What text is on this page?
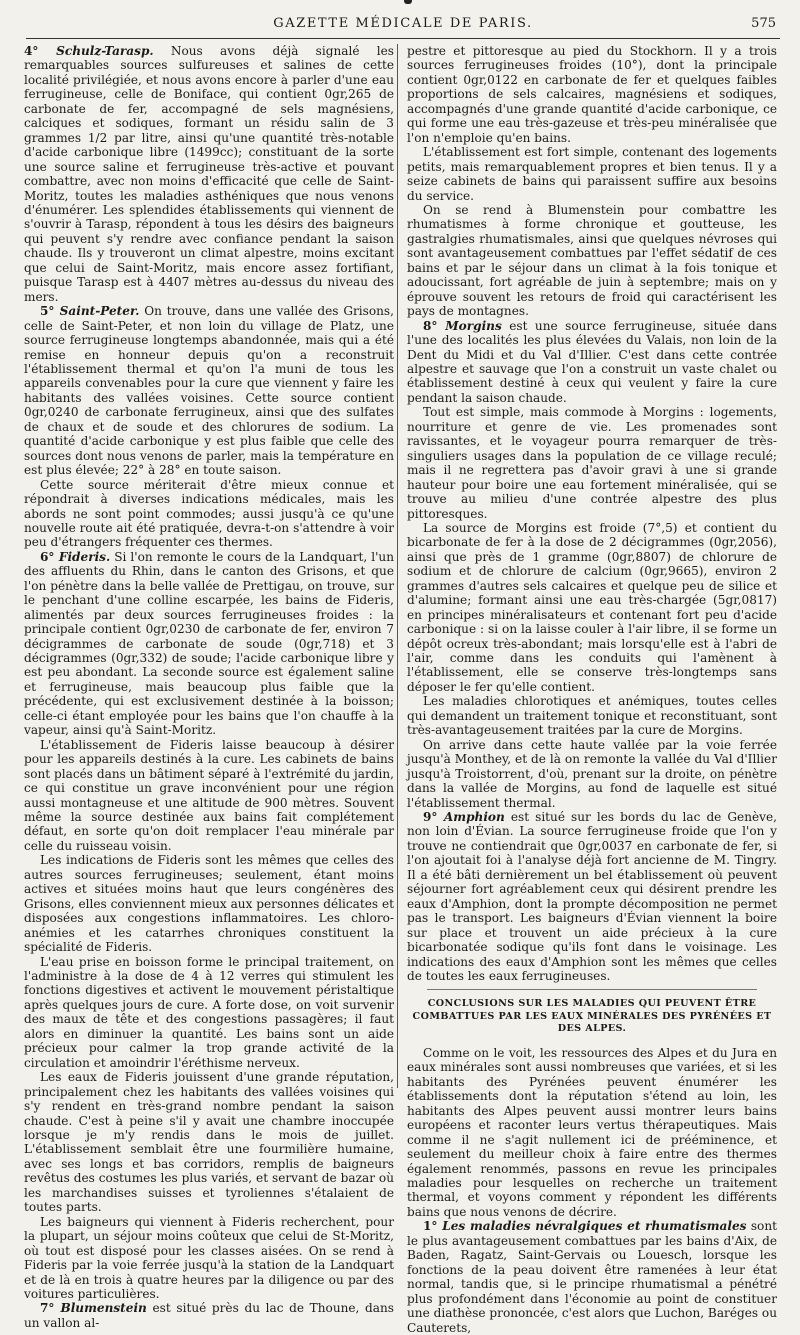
GAZETTE MÉDICALE DE PARIS.	575

4° Schulz-Tarasp. Nous avons déjà signalé les remarquables sources sulfureuses et salines de cette localité privilégiée, et nous avons encore à parler d'une eau ferrugineuse, celle de Boniface, qui contient 0gr,265 de carbonate de fer, accompagné de sels magnésiens, calciques et sodiques, formant un résidu salin de 3 grammes 1/2 par litre, ainsi qu'une quantité très-notable d'acide carbonique libre (1499cc); constituant de la sorte une source saline et ferrugineuse très-active et pouvant combattre, avec non moins d'efficacité que celle de Saint-Moritz, toutes les maladies asthéniques que nous venons d'énumérer. Les splendides établissements qui viennent de s'ouvrir à Tarasp, répondent à tous les désirs des baigneurs qui peuvent s'y rendre avec confiance pendant la saison chaude. Ils y trouveront un climat alpestre, moins excitant que celui de Saint-Moritz, mais encore assez fortifiant, puisque Tarasp est à 4407 mètres au-dessus du niveau des mers.

5° Saint-Peter. On trouve, dans une vallée des Grisons, celle de Saint-Peter, et non loin du village de Platz, une source ferrugineuse longtemps abandonnée, mais qui a été remise en honneur depuis qu'on a reconstruit l'établissement thermal et qu'on l'a muni de tous les appareils convenables pour la cure que viennent y faire les habitants des vallées voisines. Cette source contient 0gr,0240 de carbonate ferrugineux, ainsi que des sulfates de chaux et de soude et des chlorures de sodium. La quantité d'acide carbonique y est plus faible que celle des sources dont nous venons de parler, mais la température en est plus élevée; 22° à 28° en toute saison.

Cette source mériterait d'être mieux connue et répondrait à diverses indications médicales, mais les abords ne sont point commodes; aussi jusqu'à ce qu'une nouvelle route ait été pratiquée, devra-t-on s'attendre à voir peu d'étrangers fréquenter ces thermes.

6° Fideris. Si l'on remonte le cours de la Landquart, l'un des affluents du Rhin, dans le canton des Grisons, et que l'on pénètre dans la belle vallée de Prettigau, on trouve, sur le penchant d'une colline escarpée, les bains de Fideris, alimentés par deux sources ferrugineuses froides : la principale contient 0gr,0230 de carbonate de fer, environ 7 décigrammes de carbonate de soude (0gr,718) et 3 décigrammes (0gr,332) de soude; l'acide carbonique libre y est peu abondant. La seconde source est également saline et ferrugineuse, mais beaucoup plus faible que la précédente, qui est exclusivement destinée à la boisson; celle-ci étant employée pour les bains que l'on chauffe à la vapeur, ainsi qu'à Saint-Moritz.

L'établissement de Fideris laisse beaucoup à désirer pour les appareils destinés à la cure. Les cabinets de bains sont placés dans un bâtiment séparé à l'extrémité du jardin, ce qui constitue un grave inconvénient pour une région aussi montagneuse et une altitude de 900 mètres. Souvent même la source destinée aux bains fait complétement défaut, en sorte qu'on doit remplacer l'eau minérale par celle du ruisseau voisin.

Les indications de Fideris sont les mêmes que celles des autres sources ferrugineuses; seulement, étant moins actives et situées moins haut que leurs congénères des Grisons, elles conviennent mieux aux personnes délicates et disposées aux congestions inflammatoires. Les chloro-anémies et les catarrhes chroniques constituent la spécialité de Fideris.

L'eau prise en boisson forme le principal traitement, on l'administre à la dose de 4 à 12 verres qui stimulent les fonctions digestives et activent le mouvement péristaltique après quelques jours de cure. A forte dose, on voit survenir des maux de tête et des congestions passagères; il faut alors en diminuer la quantité. Les bains sont un aide précieux pour calmer la trop grande activité de la circulation et amoindrir l'éréthisme nerveux.

Les eaux de Fideris jouissent d'une grande réputation, principalement chez les habitants des vallées voisines qui s'y rendent en très-grand nombre pendant la saison chaude. C'est à peine s'il y avait une chambre inoccupée lorsque je m'y rendis dans le mois de juillet. L'établissement semblait être une fourmilière humaine, avec ses longs et bas corridors, remplis de baigneurs revêtus des costumes les plus variés, et servant de bazar où les marchandises suisses et tyroliennes s'étalaient de toutes parts.

Les baigneurs qui viennent à Fideris recherchent, pour la plupart, un séjour moins coûteux que celui de St-Moritz, où tout est disposé pour les classes aisées. On se rend à Fideris par la voie ferrée jusqu'à la station de la Landquart et de là en trois à quatre heures par la diligence ou par des voitures particulières.

7° Blumenstein est situé près du lac de Thoune, dans un vallon al-

pestre et pittoresque au pied du Stockhorn. Il y a trois sources ferrugineuses froides (10°), dont la principale contient 0gr,0122 en carbonate de fer et quelques faibles proportions de sels calcaires, magnésiens et sodiques, accompagnés d'une grande quantité d'acide carbonique, ce qui forme une eau très-gazeuse et très-peu minéralisée que l'on n'emploie qu'en bains.

L'établissement est fort simple, contenant des logements petits, mais remarquablement propres et bien tenus. Il y a seize cabinets de bains qui paraissent suffire aux besoins du service.

On se rend à Blumenstein pour combattre les rhumatismes à forme chronique et goutteuse, les gastralgies rhumatismales, ainsi que quelques névroses qui sont avantageusement combattues par l'effet sédatif de ces bains et par le séjour dans un climat à la fois tonique et adoucissant, fort agréable de juin à septembre; mais on y éprouve souvent les retours de froid qui caractérisent les pays de montagnes.

8° Morgins est une source ferrugineuse, située dans l'une des localités les plus élevées du Valais, non loin de la Dent du Midi et du Val d'Illier. C'est dans cette contrée alpestre et sauvage que l'on a construit un vaste chalet ou établissement destiné à ceux qui veulent y faire la cure pendant la saison chaude.

Tout est simple, mais commode à Morgins : logements, nourriture et genre de vie. Les promenades sont ravissantes, et le voyageur pourra remarquer de très-singuliers usages dans la population de ce village reculé; mais il ne regrettera pas d'avoir gravi à une si grande hauteur pour boire une eau fortement minéralisée, qui se trouve au milieu d'une contrée alpestre des plus pittoresques.

La source de Morgins est froide (7°,5) et contient du bicarbonate de fer à la dose de 2 décigrammes (0gr,2056), ainsi que près de 1 gramme (0gr,8807) de chlorure de sodium et de chlorure de calcium (0gr,9665), environ 2 grammes d'autres sels calcaires et quelque peu de silice et d'alumine; formant ainsi une eau très-chargée (5gr,0817) en principes minéralisateurs et contenant fort peu d'acide carbonique : si on la laisse couler à l'air libre, il se forme un dépôt ocreux très-abondant; mais lorsqu'elle est à l'abri de l'air, comme dans les conduits qui l'amènent à l'établissement, elle se conserve très-longtemps sans déposer le fer qu'elle contient.

Les maladies chlorotiques et anémiques, toutes celles qui demandent un traitement tonique et reconstituant, sont très-avantageusement traitées par la cure de Morgins.

On arrive dans cette haute vallée par la voie ferrée jusqu'à Monthey, et de là on remonte la vallée du Val d'Illier jusqu'à Troistorrent, d'où, prenant sur la droite, on pénètre dans la vallée de Morgins, au fond de laquelle est situé l'établissement thermal.

9° Amphion est situé sur les bords du lac de Genève, non loin d'Évian. La source ferrugineuse froide que l'on y trouve ne contiendrait que 0gr,0037 en carbonate de fer, si l'on ajoutait foi à l'analyse déjà fort ancienne de M. Tingry. Il a été bâti dernièrement un bel établissement où peuvent séjourner fort agréablement ceux qui désirent prendre les eaux d'Amphion, dont la prompte décomposition ne permet pas le transport. Les baigneurs d'Évian viennent la boire sur place et trouvent un aide précieux à la cure bicarbonatée sodique qu'ils font dans le voisinage. Les indications des eaux d'Amphion sont les mêmes que celles de toutes les eaux ferrugineuses.

CONCLUSIONS SUR LES MALADIES QUI PEUVENT ÊTRE COMBATTUES PAR LES EAUX MINÉRALES DES PYRÉNÉES ET DES ALPES.

Comme on le voit, les ressources des Alpes et du Jura en eaux minérales sont aussi nombreuses que variées, et si les habitants des Pyrénées peuvent énumérer les établissements dont la réputation s'étend au loin, les habitants des Alpes peuvent aussi montrer leurs bains européens et raconter leurs vertus thérapeutiques. Mais comme il ne s'agit nullement ici de prééminence, et seulement du meilleur choix à faire entre des thermes également renommés, passons en revue les principales maladies pour lesquelles on recherche un traitement thermal, et voyons comment y répondent les différents bains que nous venons de décrire.

1° Les maladies névralgiques et rhumatismales sont le plus avantageusement combattues par les bains d'Aix, de Baden, Ragatz, Saint-Gervais ou Louesch, lorsque les fonctions de la peau doivent être ramenées à leur état normal, tandis que, si le principe rhumatismal a pénétré plus profondément dans l'économie au point de constituer une diathèse prononcée, c'est alors que Luchon, Baréges ou Cauterets,
